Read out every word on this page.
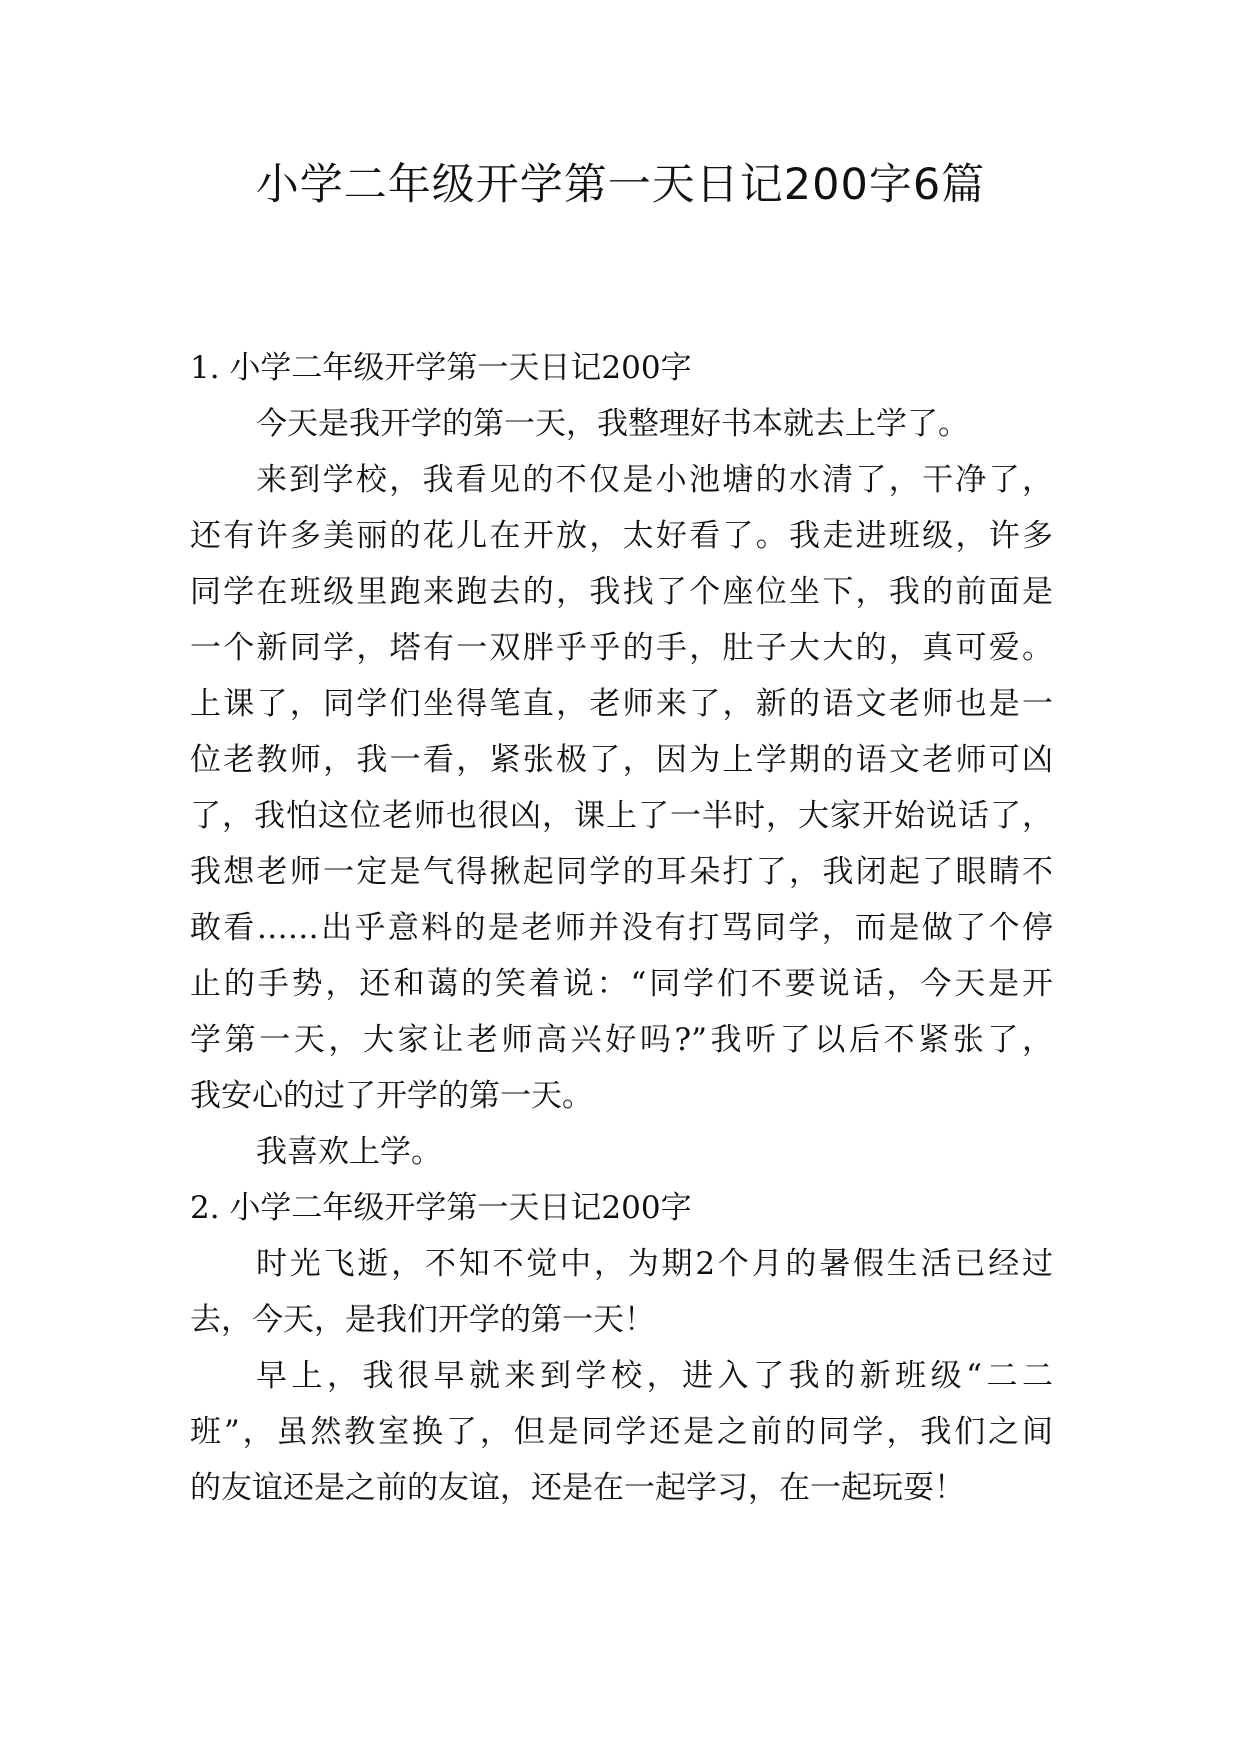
小学二年级开学第一天日记200字6篇

1. 小学二年级开学第一天日记200字

今天是我开学的第一天，我整理好书本就去上学了。

来到学校，我看见的不仅是小池塘的水清了，干净了，

还有许多美丽的花儿在开放，太好看了。我走进班级，许多

同学在班级里跑来跑去的，我找了个座位坐下，我的前面是

一个新同学，塔有一双胖乎乎的手，肚子大大的，真可爱。

上课了，同学们坐得笔直，老师来了，新的语文老师也是一

位老教师，我一看，紧张极了，因为上学期的语文老师可凶

了，我怕这位老师也很凶，课上了一半时，大家开始说话了，

我想老师一定是气得揪起同学的耳朵打了，我闭起了眼睛不

敢看……出乎意料的是老师并没有打骂同学，而是做了个停

止的手势，还和蔼的笑着说：“同学们不要说话，今天是开

学第一天，大家让老师高兴好吗?”我听了以后不紧张了，

我安心的过了开学的第一天。

我喜欢上学。

2. 小学二年级开学第一天日记200字

时光飞逝，不知不觉中，为期2个月的暑假生活已经过

去，今天，是我们开学的第一天！

早上，我很早就来到学校，进入了我的新班级“二二

班”，虽然教室换了，但是同学还是之前的同学，我们之间

的友谊还是之前的友谊，还是在一起学习，在一起玩耍！
